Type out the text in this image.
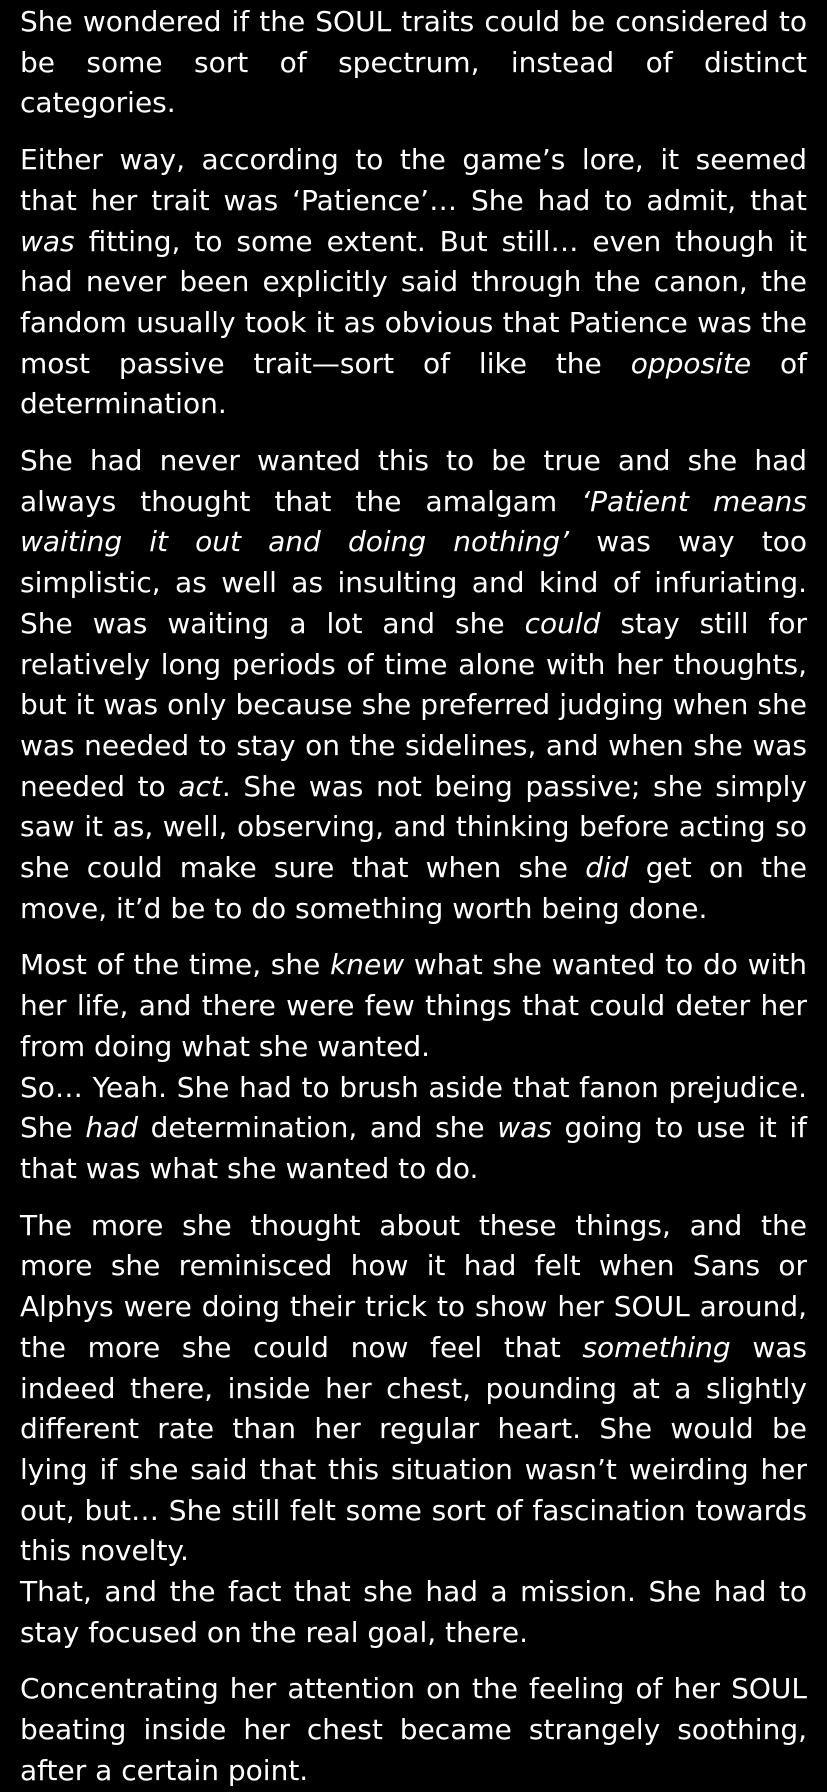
She wondered if the SOUL traits could be considered to be some sort of spectrum, instead of distinct categories.

Either way, according to the game’s lore, it seemed that her trait was ‘Patience’… She had to admit, that was fitting, to some extent. But still… even though it had never been explicitly said through the canon, the fandom usually took it as obvious that Patience was the most passive trait—sort of like the opposite of determination.

She had never wanted this to be true and she had always thought that the amalgam ‘Patient means waiting it out and doing nothing’ was way too simplistic, as well as insulting and kind of infuriating. She was waiting a lot and she could stay still for relatively long periods of time alone with her thoughts, but it was only because she preferred judging when she was needed to stay on the sidelines, and when she was needed to act. She was not being passive; she simply saw it as, well, observing, and thinking before acting so she could make sure that when she did get on the move, it’d be to do something worth being done.

Most of the time, she knew what she wanted to do with her life, and there were few things that could deter her from doing what she wanted.
So… Yeah. She had to brush aside that fanon prejudice. She had determination, and she was going to use it if that was what she wanted to do.

The more she thought about these things, and the more she reminisced how it had felt when Sans or Alphys were doing their trick to show her SOUL around, the more she could now feel that something was indeed there, inside her chest, pounding at a slightly different rate than her regular heart. She would be lying if she said that this situation wasn’t weirding her out, but… She still felt some sort of fascination towards this novelty.
That, and the fact that she had a mission. She had to stay focused on the real goal, there.

Concentrating her attention on the feeling of her SOUL beating inside her chest became strangely soothing, after a certain point.
